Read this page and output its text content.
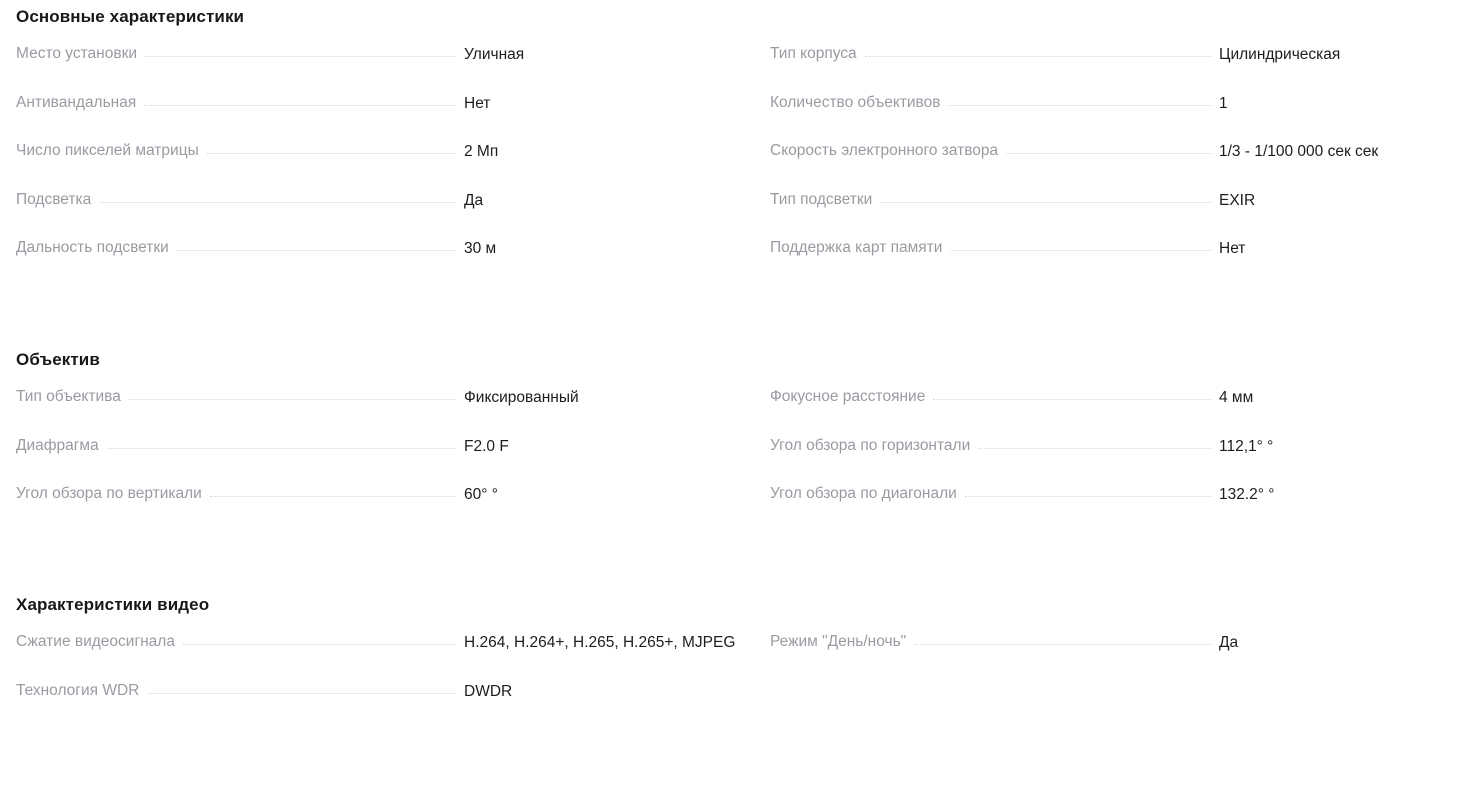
Основные характеристики
Место установки	Уличная	Тип корпуса	Цилиндрическая
Антивандальная	Нет	Количество объективов	1
Число пикселей матрицы	2 Мп	Скорость электронного затвора	1/3 - 1/100 000 сек сек
Подсветка	Да	Тип подсветки	EXIR
Дальность подсветки	30 м	Поддержка карт памяти	Нет
Объектив
Тип объектива	Фиксированный	Фокусное расстояние	4 мм
Диафрагма	F2.0 F	Угол обзора по горизонтали	112,1° °
Угол обзора по вертикали	60° °	Угол обзора по диагонали	132.2° °
Характеристики видео
Сжатие видеосигнала	H.264, H.264+, H.265, H.265+, MJPEG	Режим "День/ночь"	Да
Технология WDR	DWDR
